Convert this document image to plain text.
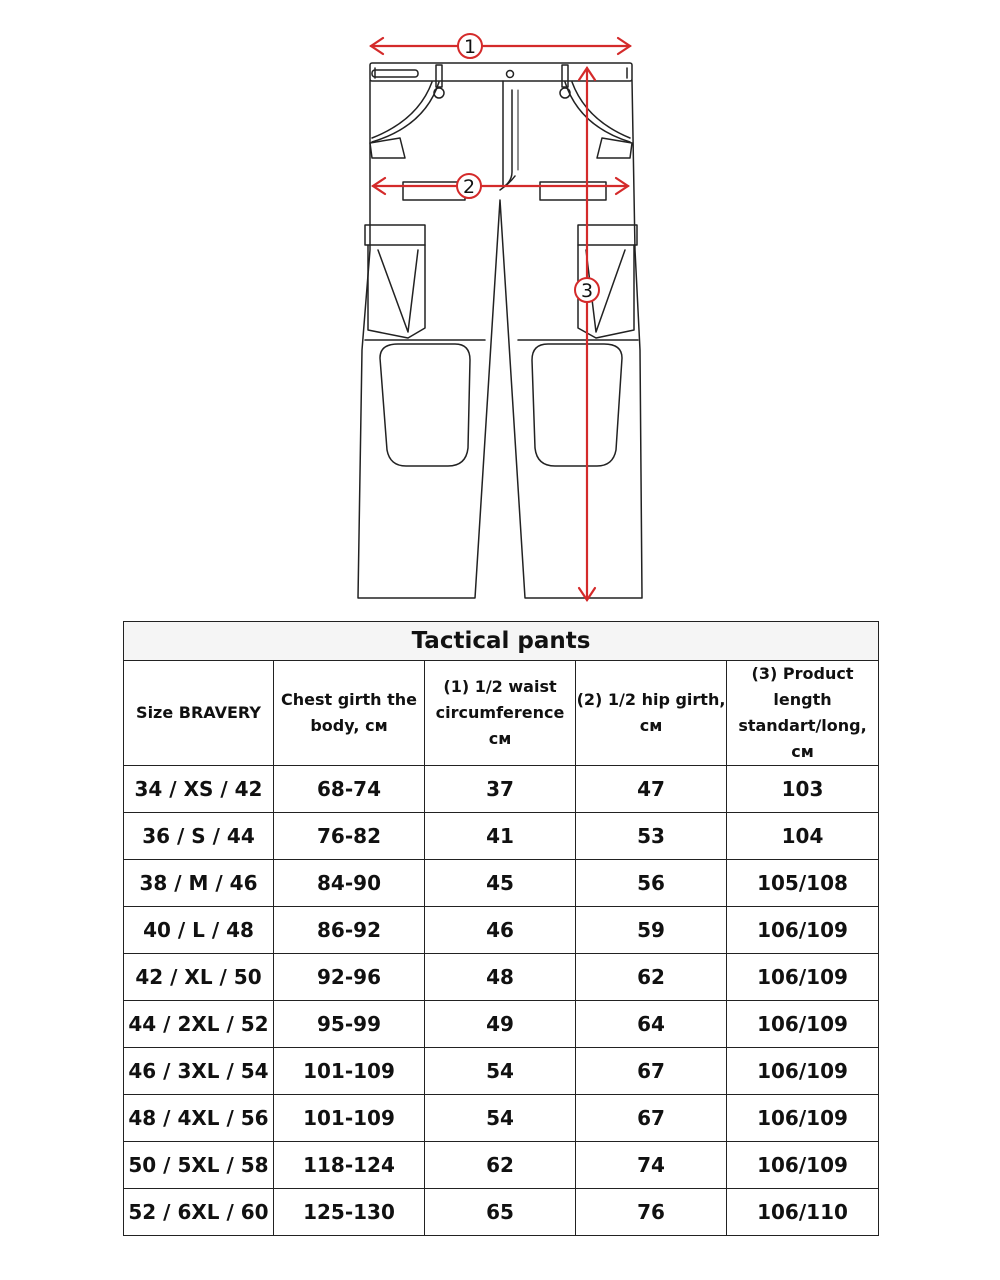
1
2
3
Tactical pants				
Size BRAVERY	Chest girth the body, см	(1) 1/2 waist circumference см	(2) 1/2 hip girth, см	(3) Product length standart/long, см
34 / XS / 42	68-74	37	47	103
36 / S / 44	76-82	41	53	104
38 / M / 46	84-90	45	56	105/108
40 / L / 48	86-92	46	59	106/109
42 / XL / 50	92-96	48	62	106/109
44 / 2XL / 52	95-99	49	64	106/109
46 / 3XL / 54	101-109	54	67	106/109
48 / 4XL / 56	101-109	54	67	106/109
50 / 5XL / 58	118-124	62	74	106/109
52 / 6XL / 60	125-130	65	76	106/110
